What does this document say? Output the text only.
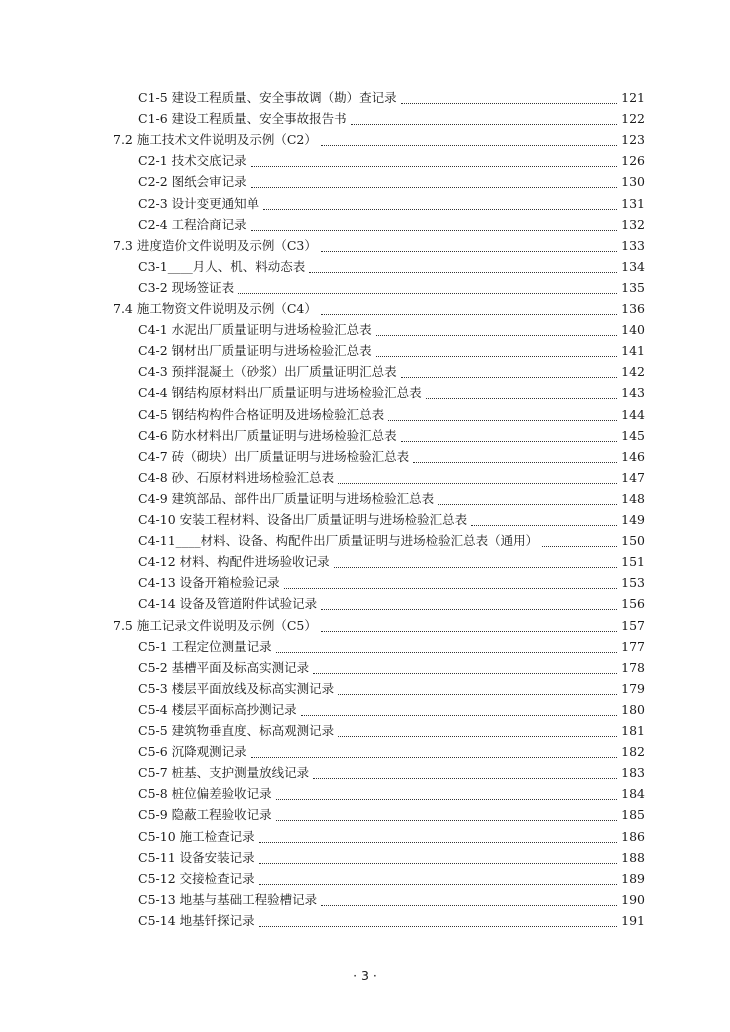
C1-5 建设工程质量、安全事故调（勘）查记录	121
C1-6 建设工程质量、安全事故报告书	122
7.2 施工技术文件说明及示例（C2）	123
C2-1 技术交底记录	126
C2-2 图纸会审记录	130
C2-3 设计变更通知单	131
C2-4 工程洽商记录	132
7.3 进度造价文件说明及示例（C3）	133
C3-1____月人、机、料动态表	134
C3-2 现场签证表	135
7.4 施工物资文件说明及示例（C4）	136
C4-1 水泥出厂质量证明与进场检验汇总表	140
C4-2 钢材出厂质量证明与进场检验汇总表	141
C4-3 预拌混凝土（砂浆）出厂质量证明汇总表	142
C4-4 钢结构原材料出厂质量证明与进场检验汇总表	143
C4-5 钢结构构件合格证明及进场检验汇总表	144
C4-6 防水材料出厂质量证明与进场检验汇总表	145
C4-7 砖（砌块）出厂质量证明与进场检验汇总表	146
C4-8 砂、石原材料进场检验汇总表	147
C4-9 建筑部品、部件出厂质量证明与进场检验汇总表	148
C4-10 安装工程材料、设备出厂质量证明与进场检验汇总表	149
C4-11____材料、设备、构配件出厂质量证明与进场检验汇总表（通用）	150
C4-12 材料、构配件进场验收记录	151
C4-13 设备开箱检验记录	153
C4-14 设备及管道附件试验记录	156
7.5 施工记录文件说明及示例（C5）	157
C5-1 工程定位测量记录	177
C5-2 基槽平面及标高实测记录	178
C5-3 楼层平面放线及标高实测记录	179
C5-4 楼层平面标高抄测记录	180
C5-5 建筑物垂直度、标高观测记录	181
C5-6 沉降观测记录	182
C5-7 桩基、支护测量放线记录	183
C5-8 桩位偏差验收记录	184
C5-9 隐蔽工程验收记录	185
C5-10 施工检查记录	186
C5-11 设备安装记录	188
C5-12 交接检查记录	189
C5-13 地基与基础工程验槽记录	190
C5-14 地基钎探记录	191
· 3 ·
